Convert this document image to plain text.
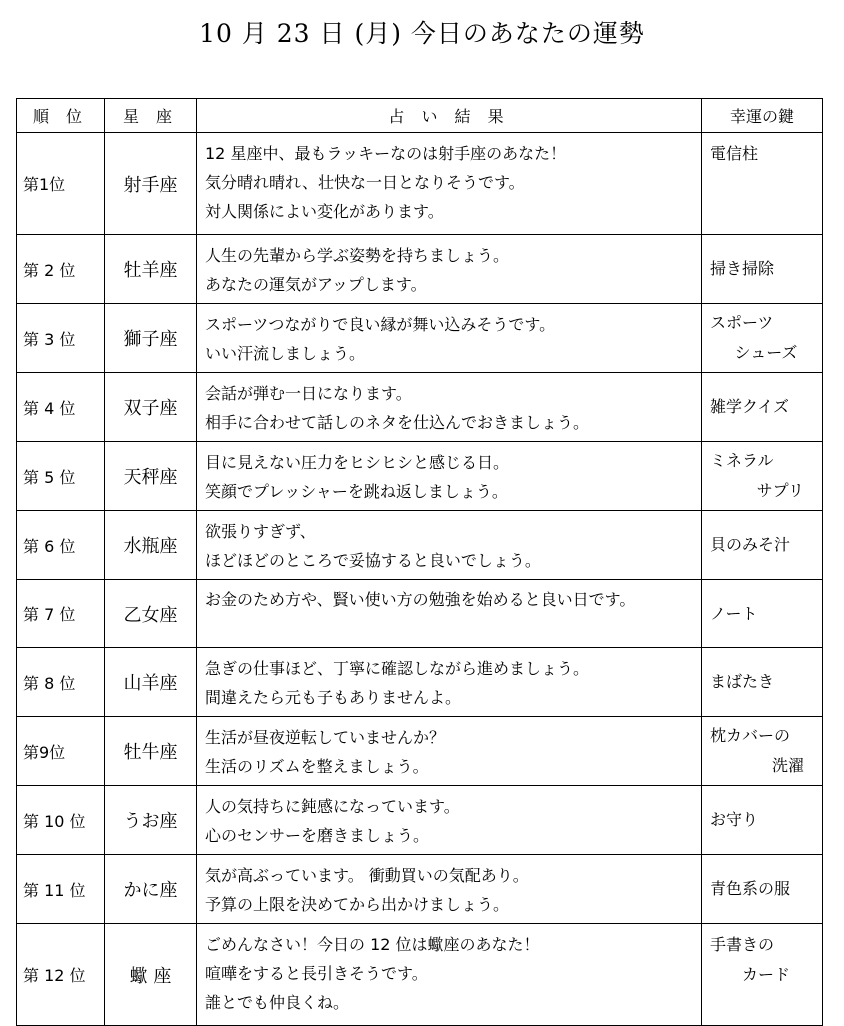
10 月 23 日 (月) 今日のあなたの運勢
順 位	星 座	占 い 結 果	幸運の鍵
第1位	射手座	12 星座中、最もラッキーなのは射手座のあなた！
気分晴れ晴れ、壮快な一日となりそうです。
対人関係によい変化があります。	電信柱

第 2 位	牡羊座	人生の先輩から学ぶ姿勢を持ちましょう。
あなたの運気がアップします。	掃き掃除

第 3 位	獅子座	スポーツつながりで良い縁が舞い込みそうです。
いい汗流しましょう。	スポーツ
シューズ

第 4 位	双子座	会話が弾む一日になります。
相手に合わせて話しのネタを仕込んでおきましょう。	雑学クイズ

第 5 位	天秤座	目に見えない圧力をヒシヒシと感じる日。
笑顔でプレッシャーを跳ね返しましょう。	ミネラル
サプリ

第 6 位	水瓶座	欲張りすぎず、
ほどほどのところで妥協すると良いでしょう。	貝のみそ汁

第 7 位	乙女座	お金のため方や、賢い使い方の勉強を始めると良い日です。	ノート

第 8 位	山羊座	急ぎの仕事ほど、丁寧に確認しながら進めましょう。
間違えたら元も子もありませんよ。	まばたき

第9位	牡牛座	生活が昼夜逆転していませんか？
生活のリズムを整えましょう。	枕カバーの
洗濯

第 10 位	うお座	人の気持ちに鈍感になっています。
心のセンサーを磨きましょう。	お守り

第 11 位	かに座	気が高ぶっています。 衝動買いの気配あり。
予算の上限を決めてから出かけましょう。	青色系の服

第 12 位	蠍 座	ごめんなさい！今日の 12 位は蠍座のあなた！
喧嘩をすると長引きそうです。
誰とでも仲良くね。	手書きの
カード
